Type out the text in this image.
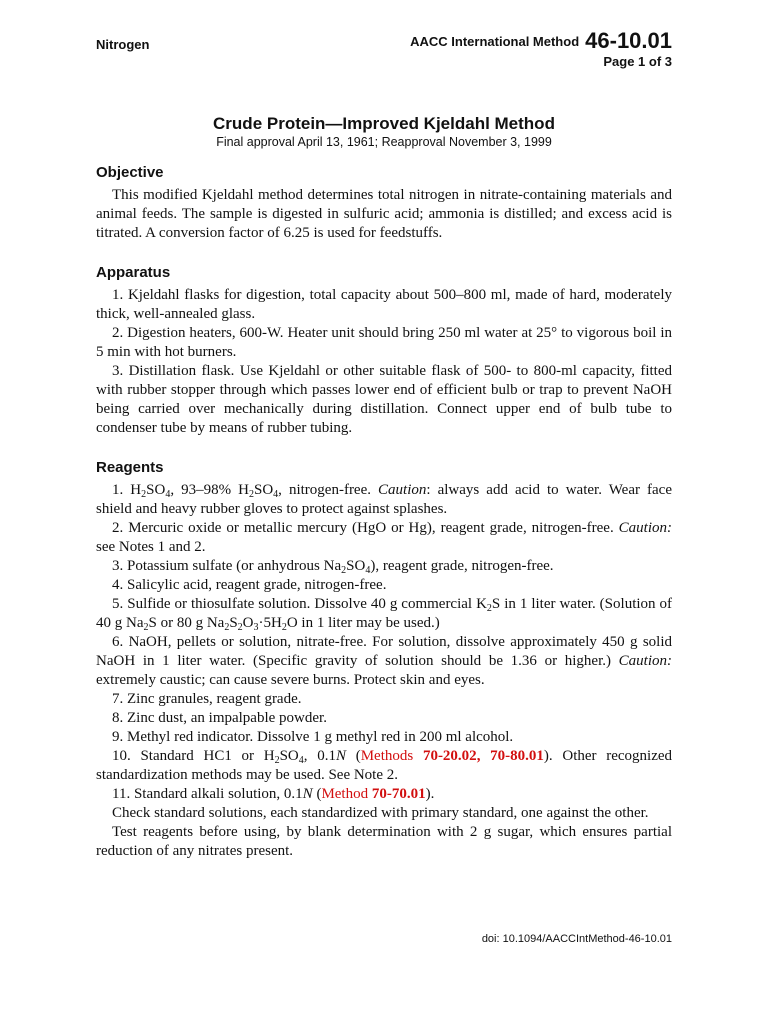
Nitrogen	AACC International Method 46-10.01
Page 1 of 3
Crude Protein—Improved Kjeldahl Method
Final approval April 13, 1961; Reapproval November 3, 1999
Objective

This modified Kjeldahl method determines total nitrogen in nitrate-containing materials and animal feeds. The sample is digested in sulfuric acid; ammonia is distilled; and excess acid is titrated. A conversion factor of 6.25 is used for feedstuffs.

Apparatus

1. Kjeldahl flasks for digestion, total capacity about 500–800 ml, made of hard, moderately thick, well-annealed glass.

2. Digestion heaters, 600-W. Heater unit should bring 250 ml water at 25° to vigorous boil in 5 min with hot burners.

3. Distillation flask. Use Kjeldahl or other suitable flask of 500- to 800-ml capacity, fitted with rubber stopper through which passes lower end of efficient bulb or trap to prevent NaOH being carried over mechanically during distillation. Connect upper end of bulb tube to condenser tube by means of rubber tubing.

Reagents

1. $H_2SO_4$, 93–98% $H_2SO_4$, nitrogen-free. Caution: always add acid to water. Wear face shield and heavy rubber gloves to protect against splashes.

2. Mercuric oxide or metallic mercury (HgO or Hg), reagent grade, nitrogen-free. Caution: see Notes 1 and 2.

3. Potassium sulfate (or anhydrous $Na_2SO_4$), reagent grade, nitrogen-free.

4. Salicylic acid, reagent grade, nitrogen-free.

5. Sulfide or thiosulfate solution. Dissolve 40 g commercial $K_2S$ in 1 liter water. (Solution of 40 g $Na_2S$ or 80 g $Na_2S_2O_3\cdot 5H_2O$ in 1 liter may be used.)

6. NaOH, pellets or solution, nitrate-free. For solution, dissolve approximately 450 g solid NaOH in 1 liter water. (Specific gravity of solution should be 1.36 or higher.) Caution: extremely caustic; can cause severe burns. Protect skin and eyes.

7. Zinc granules, reagent grade.

8. Zinc dust, an impalpable powder.

9. Methyl red indicator. Dissolve 1 g methyl red in 200 ml alcohol.

10. Standard HC1 or $H_2SO_4$, 0.1N (Methods 70-20.02, 70-80.01). Other recognized standardization methods may be used. See Note 2.

11. Standard alkali solution, 0.1N (Method 70-70.01).

Check standard solutions, each standardized with primary standard, one against the other.

Test reagents before using, by blank determination with 2 g sugar, which ensures partial reduction of any nitrates present.

doi: 10.1094/AACCIntMethod-46-10.01
